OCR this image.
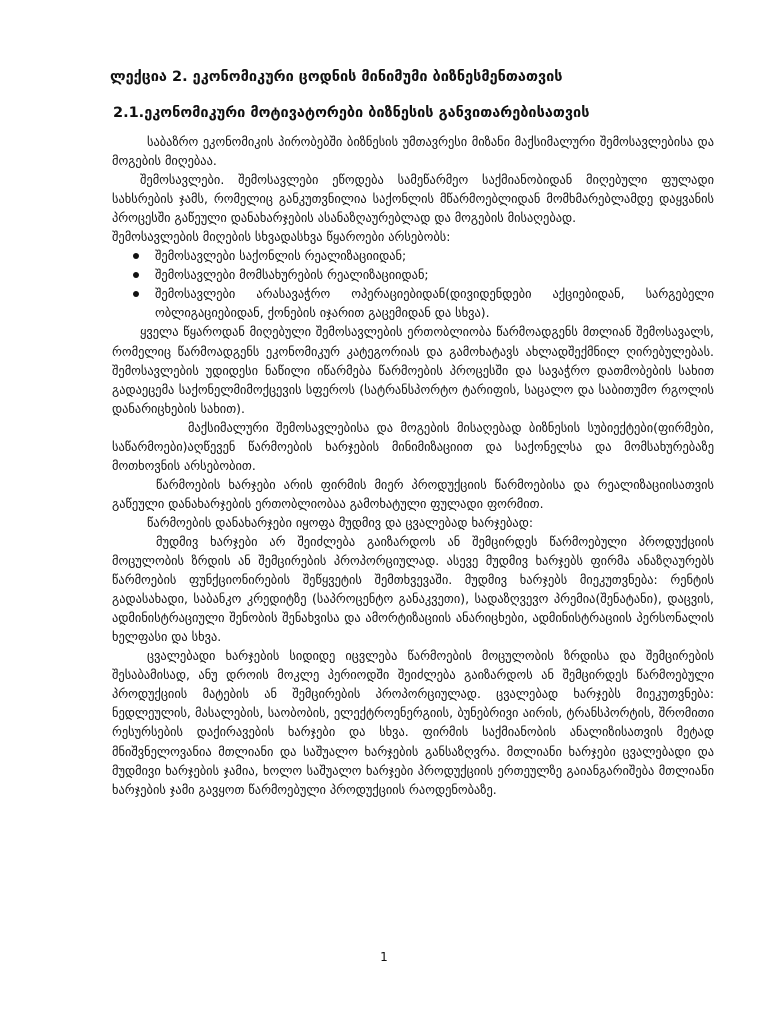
ლექცია 2. ეკონომიკური ცოდნის მინიმუმი ბიზნესმენთათვის
2.1.ეკონომიკური მოტივატორები ბიზნესის განვითარებისათვის

საბაზრო ეკონომიკის პირობებში ბიზნესის უმთავრესი მიზანი მაქსიმალური შემოსავლებისა და მოგების მიღებაა.

შემოსავლები. შემოსავლები ეწოდება სამეწარმეო საქმიანობიდან მიღებული ფულადი სახსრების ჯამს, რომელიც განკუთვნილია საქონლის მწარმოებლიდან მომხმარებლამდე დაყვანის პროცესში გაწეული დანახარჯების ასანაზღაურებლად და მოგების მისაღებად.

შემოსავლების მიღების სხვადასხვა წყაროები არსებობს:

შემოსავლები საქონლის რეალიზაციიდან;
შემოსავლები მომსახურების რეალიზაციიდან;
შემოსავლები არასავაჭრო ოპერაციებიდან(დივიდენდები აქციებიდან, სარგებელი ობლიგაციებიდან, ქონების იჯარით გაცემიდან და სხვა).

ყველა წყაროდან მიღებული შემოსავლების ერთობლიობა წარმოადგენს მთლიან შემოსავალს, რომელიც წარმოადგენს ეკონომიკურ კატეგორიას და გამოხატავს ახლადშექმნილ ღირებულებას. შემოსავლების უდიდესი ნაწილი იწარმება წარმოების პროცესში და სავაჭრო დათმობების სახით გადაეცემა საქონელმიმოქცევის სფეროს (სატრანსპორტო ტარიფის, საცალო და საბითუმო რგოლის დანარიცხების სახით).

მაქსიმალური შემოსავლებისა და მოგების მისაღებად ბიზნესის სუბიექტები(ფირმები, საწარმოები)აღწევენ წარმოების ხარჯების მინიმიზაციით და საქონელსა და მომსახურებაზე მოთხოვნის არსებობით.

წარმოების ხარჯები არის ფირმის მიერ პროდუქციის წარმოებისა და რეალიზაციისათვის გაწეული დანახარჯების ერთობლიობაა გამოხატული ფულადი ფორმით.

წარმოების დანახარჯები იყოფა მუდმივ და ცვალებად ხარჯებად:

მუდმივ ხარჯები არ შეიძლება გაიზარდოს ან შემცირდეს წარმოებული პროდუქციის მოცულობის ზრდის ან შემცირების პროპორციულად. ასევე მუდმივ ხარჯებს ფირმა ანაზღაურებს წარმოების ფუნქციონირების შეწყვეტის შემთხვევაში. მუდმივ ხარჯებს მიეკუთვნება: რენტის გადასახადი, საბანკო კრედიტზე (საპროცენტო განაკვეთი), სადაზღვევო პრემია(შენატანი), დაცვის, ადმინისტრაციული შენობის შენახვისა და ამორტიზაციის ანარიცხები, ადმინისტრაციის პერსონალის ხელფასი და სხვა.

ცვალებადი ხარჯების სიდიდე იცვლება წარმოების მოცულობის ზრდისა და შემცირების შესაბამისად, ანუ დროის მოკლე პერიოდში შეიძლება გაიზარდოს ან შემცირდეს წარმოებული პროდუქციის მატების ან შემცირების პროპორციულად. ცვალებად ხარჯებს მიეკუთვნება: ნედლეულის, მასალების, საობობის, ელექტროენერგიის, ბუნებრივი აირის, ტრანსპორტის, შრომითი რესურსების დაქირავების ხარჯები და სხვა. ფირმის საქმიანობის ანალიზისათვის მეტად მნიშვნელოვანია მთლიანი და საშუალო ხარჯების განსაზღვრა. მთლიანი ხარჯები ცვალებადი და მუდმივი ხარჯების ჯამია, ხოლო საშუალო ხარჯები პროდუქციის ერთეულზე გაიანგარიშება მთლიანი ხარჯების ჯამი გავყოთ წარმოებული პროდუქციის რაოდენობაზე.

1
